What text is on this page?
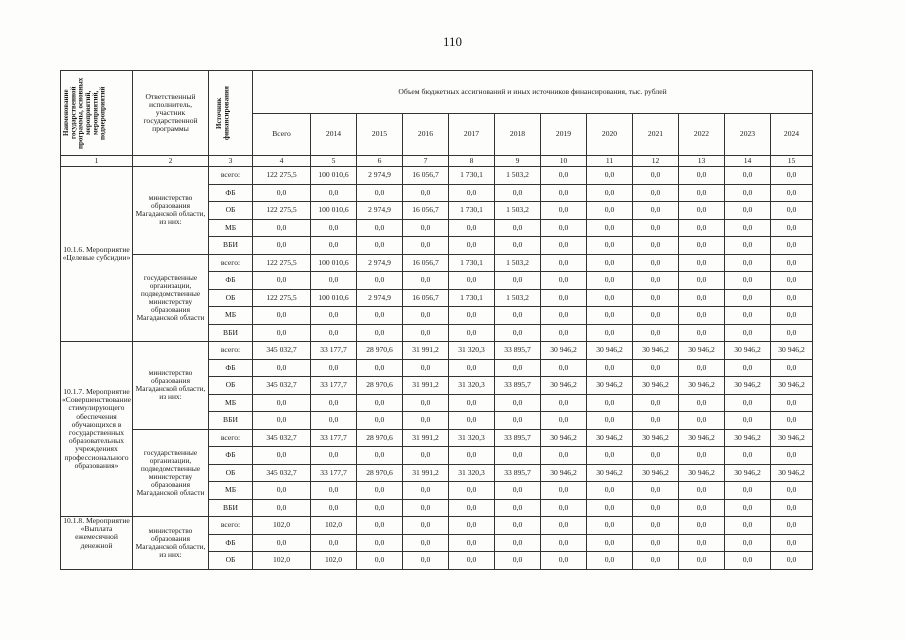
110
Наименование государственной программы, основных мероприятий, мероприятий, подмероприятий	Ответственный исполнитель, участник государственной программы	Источник финансирования	Объем бюджетных ассигнований и иных источников финансирования, тыс. рублей											
			Всего	2014	2015	2016	2017	2018	2019	2020	2021	2022	2023	2024
1	2	3	4	5	6	7	8	9	10	11	12	13	14	15
10.1.6. Мероприятие «Целевые субсидии»	министерство образования Магаданской области, из них:	всего:	122 275,5	100 010,6	2 974,9	16 056,7	1 730,1	1 503,2	0,0	0,0	0,0	0,0	0,0	0,0
		ФБ	0,0	0,0	0,0	0,0	0,0	0,0	0,0	0,0	0,0	0,0	0,0	0,0
		ОБ	122 275,5	100 010,6	2 974,9	16 056,7	1 730,1	1 503,2	0,0	0,0	0,0	0,0	0,0	0,0
		МБ	0,0	0,0	0,0	0,0	0,0	0,0	0,0	0,0	0,0	0,0	0,0	0,0
		ВБИ	0,0	0,0	0,0	0,0	0,0	0,0	0,0	0,0	0,0	0,0	0,0	0,0
	государственные организации, подведомственные министерству образования Магаданской области	всего:	122 275,5	100 010,6	2 974,9	16 056,7	1 730,1	1 503,2	0,0	0,0	0,0	0,0	0,0	0,0
		ФБ	0,0	0,0	0,0	0,0	0,0	0,0	0,0	0,0	0,0	0,0	0,0	0,0
		ОБ	122 275,5	100 010,6	2 974,9	16 056,7	1 730,1	1 503,2	0,0	0,0	0,0	0,0	0,0	0,0
		МБ	0,0	0,0	0,0	0,0	0,0	0,0	0,0	0,0	0,0	0,0	0,0	0,0
		ВБИ	0,0	0,0	0,0	0,0	0,0	0,0	0,0	0,0	0,0	0,0	0,0	0,0
10.1.7. Мероприятие «Совершенствование стимулирующего обеспечения обучающихся в государственных образовательных учреждениях профессионального образования»	министерство образования Магаданской области, из них:	всего:	345 032,7	33 177,7	28 970,6	31 991,2	31 320,3	33 895,7	30 946,2	30 946,2	30 946,2	30 946,2	30 946,2	30 946,2
		ФБ	0,0	0,0	0,0	0,0	0,0	0,0	0,0	0,0	0,0	0,0	0,0	0,0
		ОБ	345 032,7	33 177,7	28 970,6	31 991,2	31 320,3	33 895,7	30 946,2	30 946,2	30 946,2	30 946,2	30 946,2	30 946,2
		МБ	0,0	0,0	0,0	0,0	0,0	0,0	0,0	0,0	0,0	0,0	0,0	0,0
		ВБИ	0,0	0,0	0,0	0,0	0,0	0,0	0,0	0,0	0,0	0,0	0,0	0,0
	государственные организации, подведомственные министерству образования Магаданской области	всего:	345 032,7	33 177,7	28 970,6	31 991,2	31 320,3	33 895,7	30 946,2	30 946,2	30 946,2	30 946,2	30 946,2	30 946,2
		ФБ	0,0	0,0	0,0	0,0	0,0	0,0	0,0	0,0	0,0	0,0	0,0	0,0
		ОБ	345 032,7	33 177,7	28 970,6	31 991,2	31 320,3	33 895,7	30 946,2	30 946,2	30 946,2	30 946,2	30 946,2	30 946,2
		МБ	0,0	0,0	0,0	0,0	0,0	0,0	0,0	0,0	0,0	0,0	0,0	0,0
		ВБИ	0,0	0,0	0,0	0,0	0,0	0,0	0,0	0,0	0,0	0,0	0,0	0,0
10.1.8. Мероприятие «Выплата ежемесячной денежной	министерство образования Магаданской области, из них:	всего:	102,0	102,0	0,0	0,0	0,0	0,0	0,0	0,0	0,0	0,0	0,0	0,0
		ФБ	0,0	0,0	0,0	0,0	0,0	0,0	0,0	0,0	0,0	0,0	0,0	0,0
		ОБ	102,0	102,0	0,0	0,0	0,0	0,0	0,0	0,0	0,0	0,0	0,0	0,0
